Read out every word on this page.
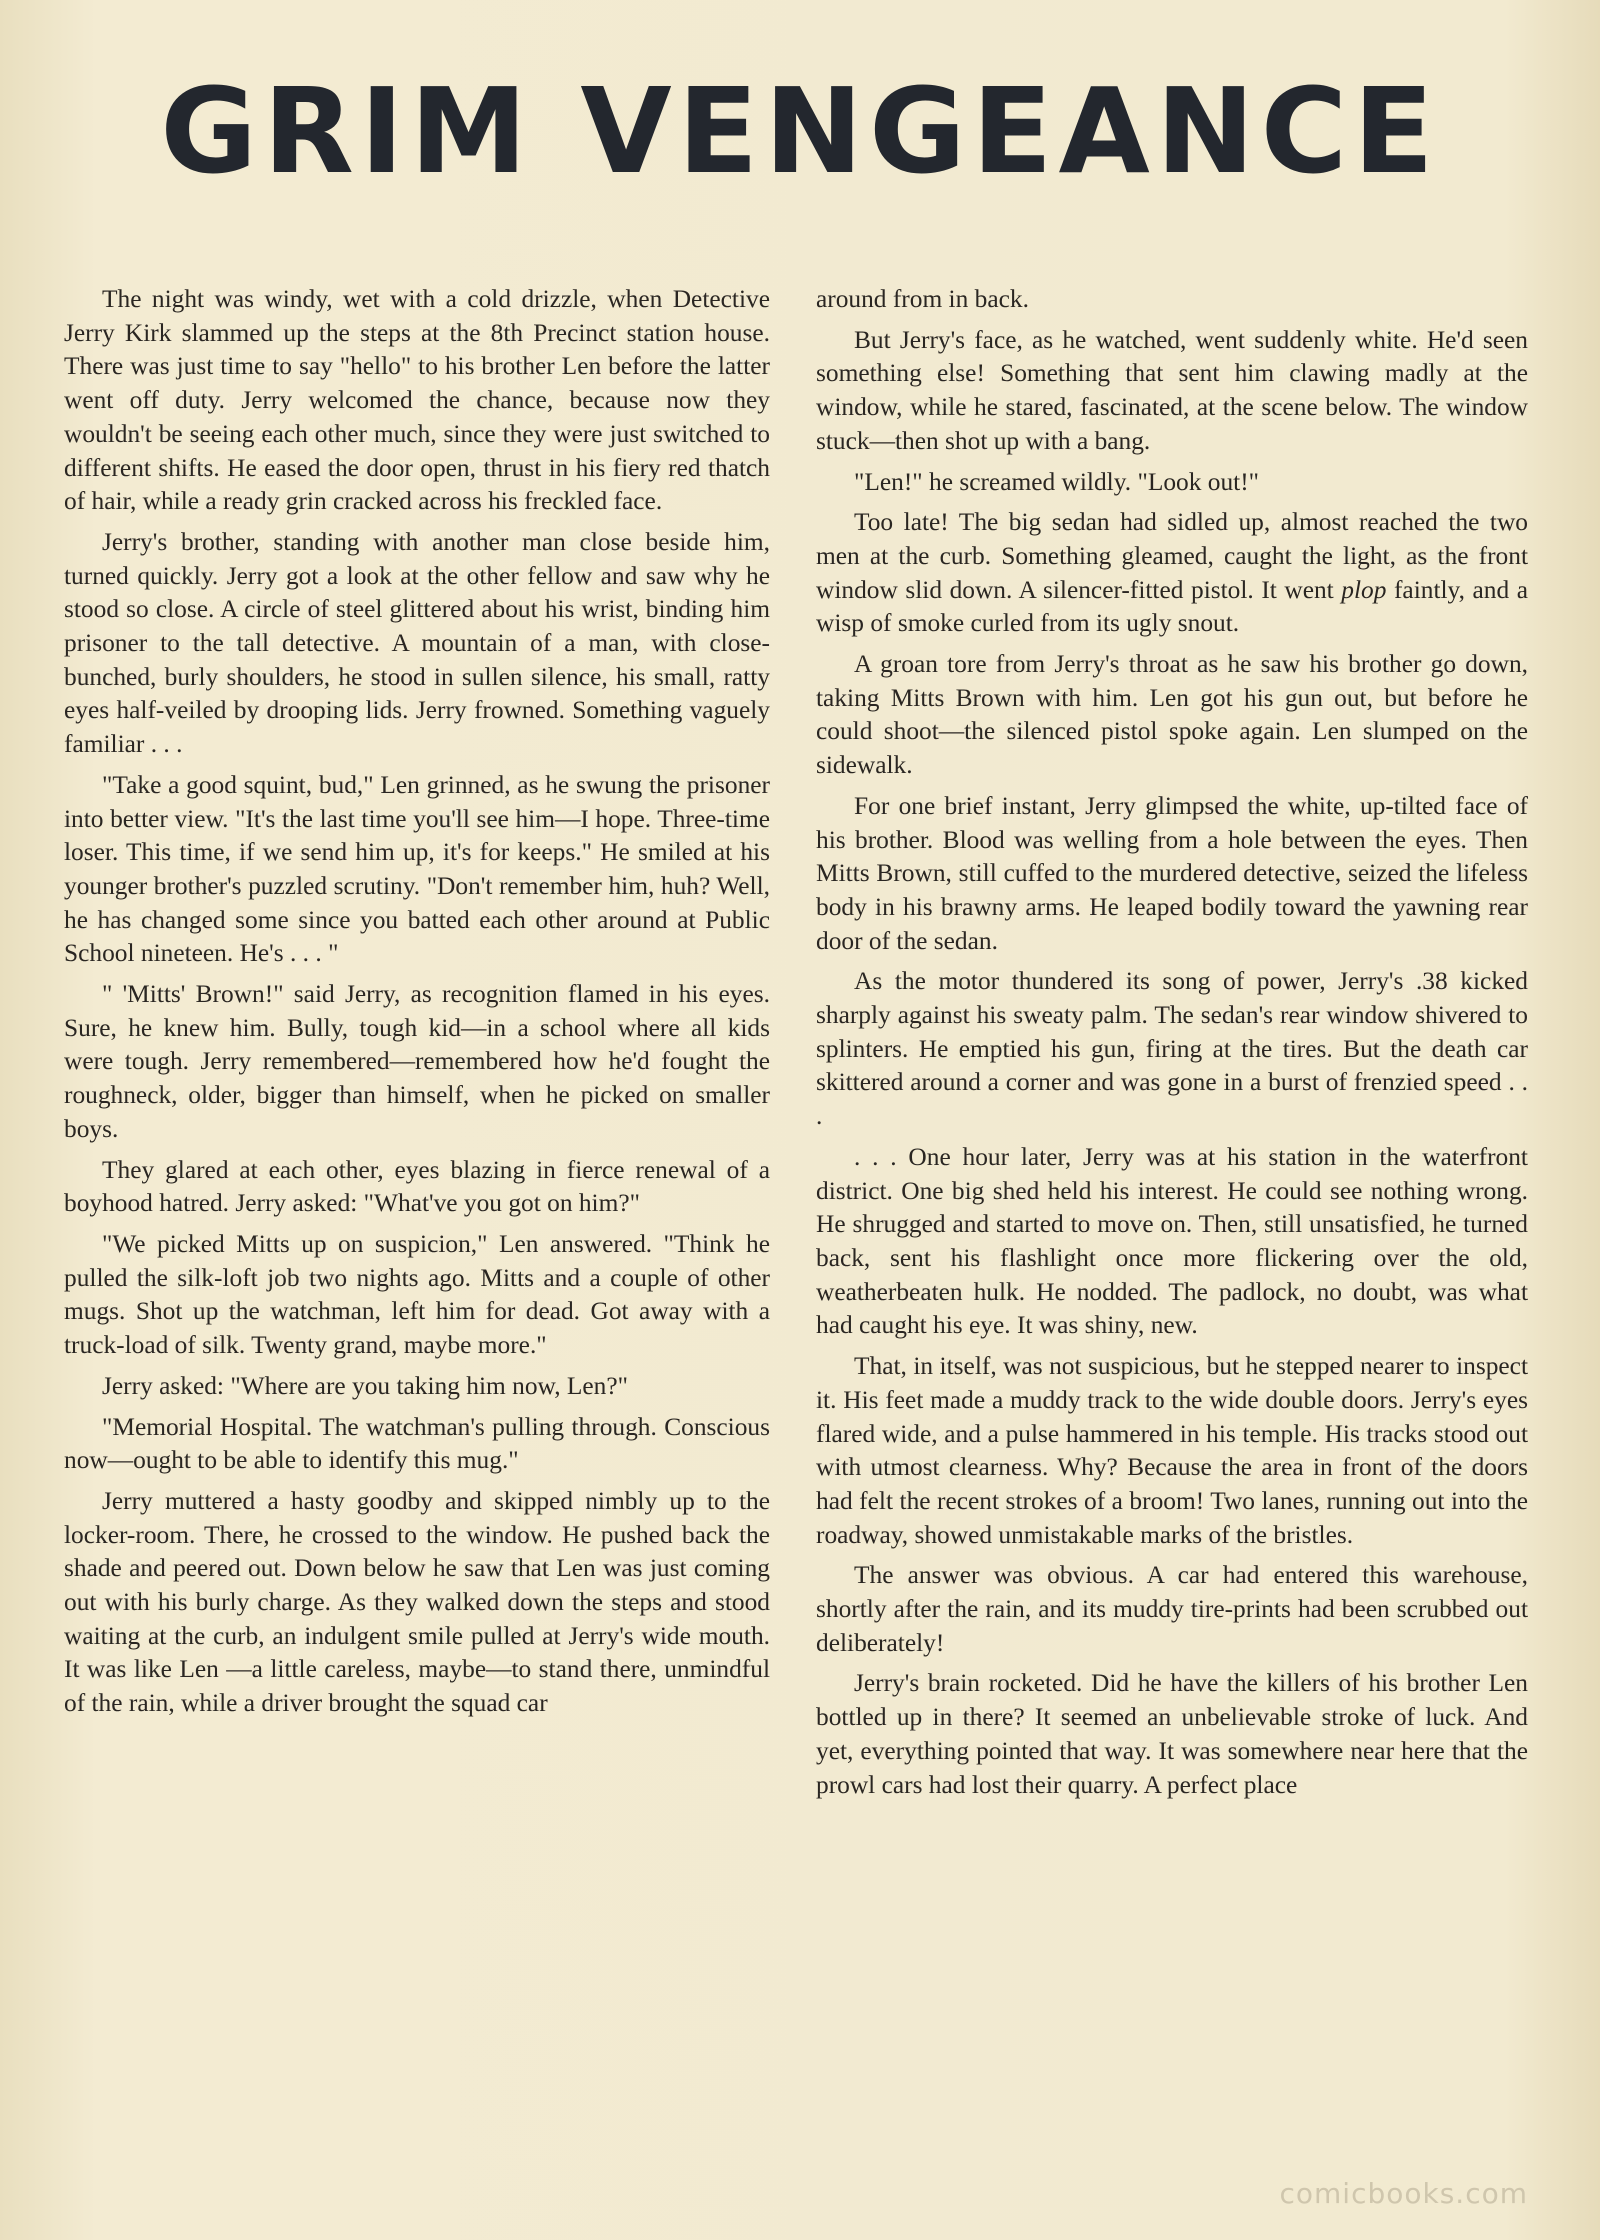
GRIM VENGEANCE

The night was windy, wet with a cold drizzle, when Detective Jerry Kirk slammed up the steps at the 8th Precinct station house. There was just time to say "hello" to his brother Len before the latter went off duty. Jerry welcomed the chance, because now they wouldn't be seeing each other much, since they were just switched to different shifts. He eased the door open, thrust in his fiery red thatch of hair, while a ready grin cracked across his freckled face.

Jerry's brother, standing with another man close beside him, turned quickly. Jerry got a look at the other fellow and saw why he stood so close. A circle of steel glittered about his wrist, binding him prisoner to the tall detective. A mountain of a man, with close-bunched, burly shoulders, he stood in sullen silence, his small, ratty eyes half-veiled by drooping lids. Jerry frowned. Something vaguely familiar . . .

"Take a good squint, bud," Len grinned, as he swung the prisoner into better view. "It's the last time you'll see him—I hope. Three-time loser. This time, if we send him up, it's for keeps." He smiled at his younger brother's puzzled scrutiny. "Don't remember him, huh? Well, he has changed some since you batted each other around at Public School nineteen. He's . . . "

" 'Mitts' Brown!" said Jerry, as recognition flamed in his eyes. Sure, he knew him. Bully, tough kid—in a school where all kids were tough. Jerry remembered—remembered how he'd fought the roughneck, older, bigger than himself, when he picked on smaller boys.

They glared at each other, eyes blazing in fierce renewal of a boyhood hatred. Jerry asked: "What've you got on him?"

"We picked Mitts up on suspicion," Len answered. "Think he pulled the silk-loft job two nights ago. Mitts and a couple of other mugs. Shot up the watchman, left him for dead. Got away with a truck-load of silk. Twenty grand, maybe more."

Jerry asked: "Where are you taking him now, Len?"

"Memorial Hospital. The watchman's pulling through. Conscious now—ought to be able to identify this mug."

Jerry muttered a hasty goodby and skipped nimbly up to the locker-room. There, he crossed to the window. He pushed back the shade and peered out. Down below he saw that Len was just coming out with his burly charge. As they walked down the steps and stood waiting at the curb, an indulgent smile pulled at Jerry's wide mouth. It was like Len —a little careless, maybe—to stand there, unmindful of the rain, while a driver brought the squad car

around from in back.

But Jerry's face, as he watched, went suddenly white. He'd seen something else! Something that sent him clawing madly at the window, while he stared, fascinated, at the scene below. The window stuck—then shot up with a bang.

"Len!" he screamed wildly. "Look out!"

Too late! The big sedan had sidled up, almost reached the two men at the curb. Something gleamed, caught the light, as the front window slid down. A silencer-fitted pistol. It went plop faintly, and a wisp of smoke curled from its ugly snout.

A groan tore from Jerry's throat as he saw his brother go down, taking Mitts Brown with him. Len got his gun out, but before he could shoot—the silenced pistol spoke again. Len slumped on the sidewalk.

For one brief instant, Jerry glimpsed the white, up-tilted face of his brother. Blood was welling from a hole between the eyes. Then Mitts Brown, still cuffed to the murdered detective, seized the lifeless body in his brawny arms. He leaped bodily toward the yawning rear door of the sedan.

As the motor thundered its song of power, Jerry's .38 kicked sharply against his sweaty palm. The sedan's rear window shivered to splinters. He emptied his gun, firing at the tires. But the death car skittered around a corner and was gone in a burst of frenzied speed . . .

. . . One hour later, Jerry was at his station in the waterfront district. One big shed held his interest. He could see nothing wrong. He shrugged and started to move on. Then, still unsatisfied, he turned back, sent his flashlight once more flickering over the old, weatherbeaten hulk. He nodded. The padlock, no doubt, was what had caught his eye. It was shiny, new.

That, in itself, was not suspicious, but he stepped nearer to inspect it. His feet made a muddy track to the wide double doors. Jerry's eyes flared wide, and a pulse hammered in his temple. His tracks stood out with utmost clearness. Why? Because the area in front of the doors had felt the recent strokes of a broom! Two lanes, running out into the roadway, showed unmistakable marks of the bristles.

The answer was obvious. A car had entered this warehouse, shortly after the rain, and its muddy tire-prints had been scrubbed out deliberately!

Jerry's brain rocketed. Did he have the killers of his brother Len bottled up in there? It seemed an unbelievable stroke of luck. And yet, everything pointed that way. It was somewhere near here that the prowl cars had lost their quarry. A perfect place

comicbooks.com
